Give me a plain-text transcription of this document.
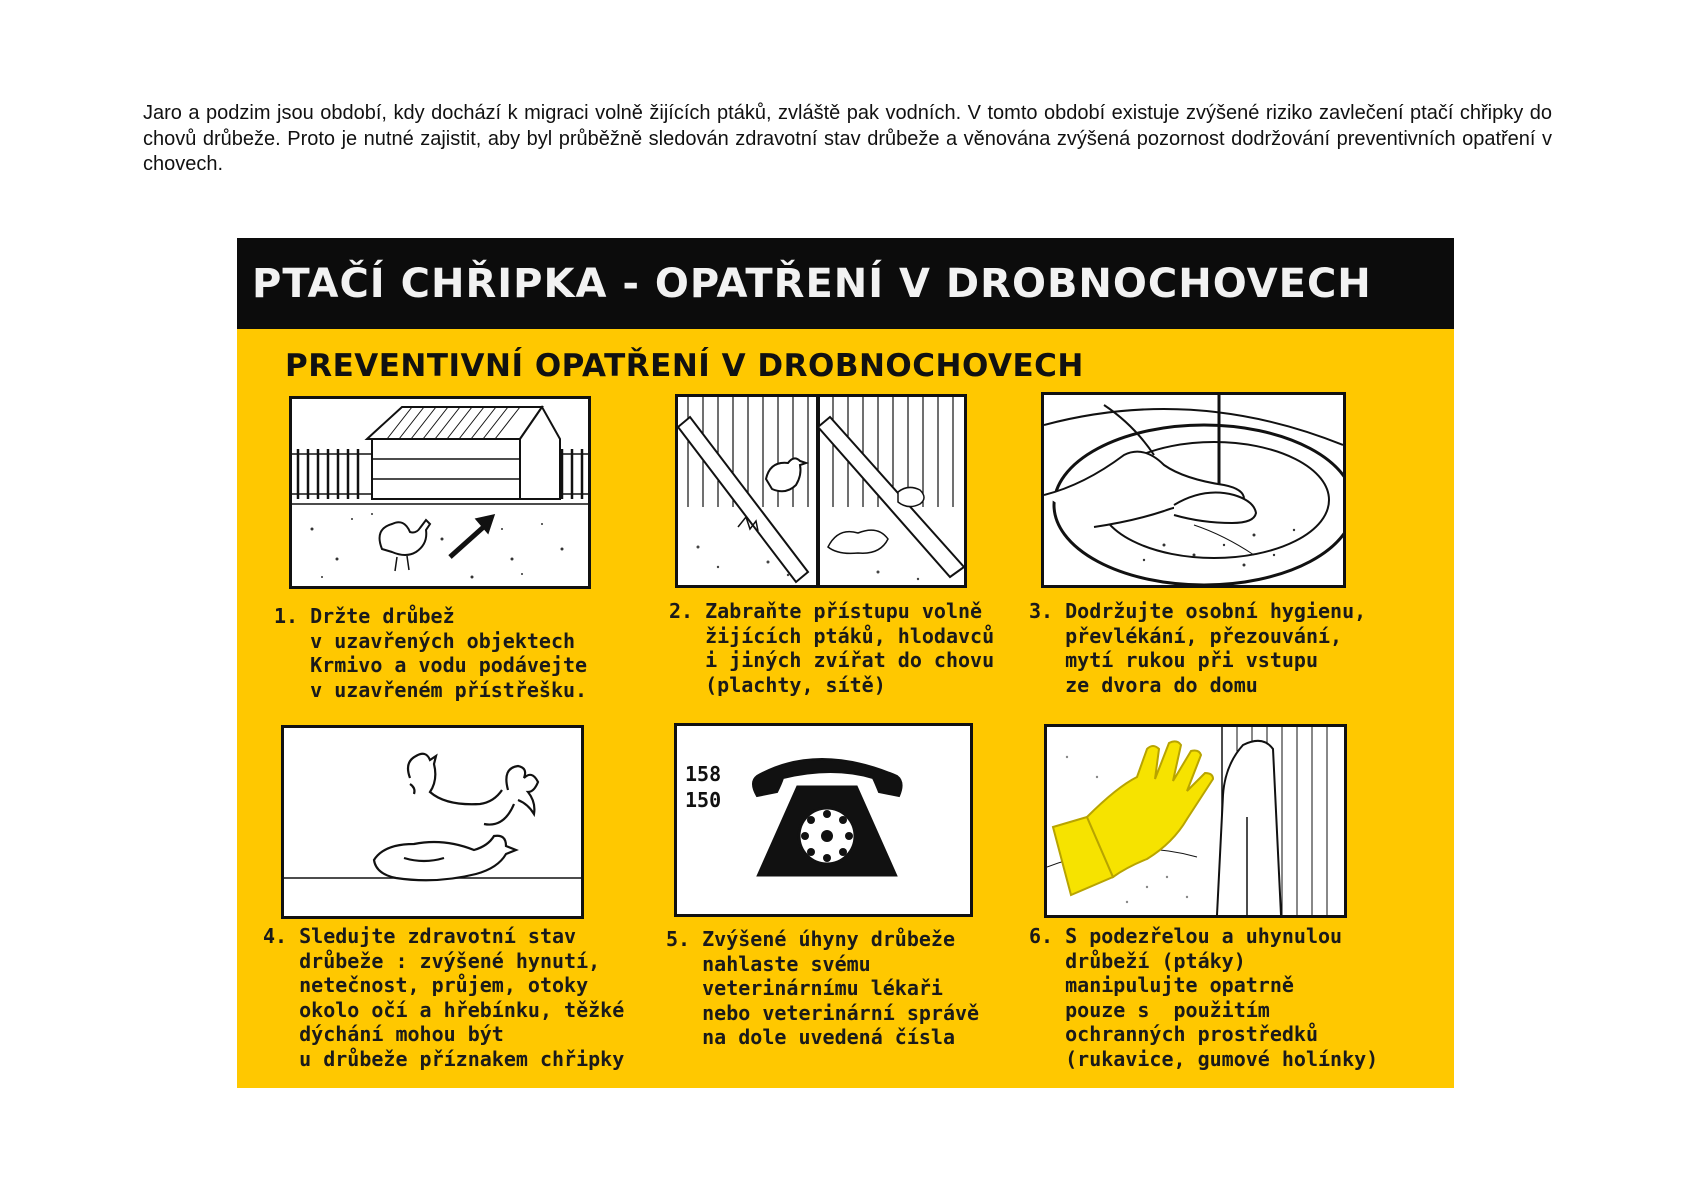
Jaro a podzim jsou období, kdy dochází k migraci volně žijících ptáků, zvláště pak vodních. V tomto období existuje zvýšené riziko zavlečení ptačí chřipky do chovů drůbeže. Proto je nutné zajistit, aby byl průběžně sledován zdravotní stav drůbeže a věnována zvýšená pozornost dodržování preventivních opatření v chovech.

PTAČÍ CHŘIPKA - OPATŘENÍ V DROBNOCHOVECH
PREVENTIVNÍ OPATŘENÍ V DROBNOCHOVECH
1. Držte drůbež
v uzavřených objektech
Krmivo a vodu podávejte
v uzavřeném přístřešku.
2. Zabraňte přístupu volně
žijících ptáků, hlodavců
i jiných zvířat do chovu
(plachty, sítě)
3. Dodržujte osobní hygienu,
převlékání, přezouvání,
mytí rukou při vstupu
ze dvora do domu
4. Sledujte zdravotní stav
drůbeže : zvýšené hynutí,
netečnost, průjem, otoky
okolo očí a hřebínku, těžké
dýchání mohou být
u drůbeže příznakem chřipky
158
150
5. Zvýšené úhyny drůbeže
nahlaste svému
veterinárnímu lékaři
nebo veterinární správě
na dole uvedená čísla
6. S podezřelou a uhynulou
drůbeží (ptáky)
manipulujte opatrně
pouze s  použitím
ochranných prostředků
(rukavice, gumové holínky)
